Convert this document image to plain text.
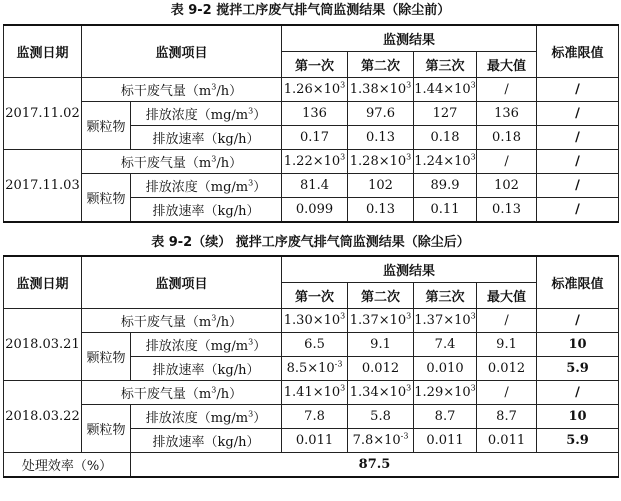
表 9-2 搅拌工序废气排气筒监测结果（除尘前）
监测日期	监测项目		监测结果				标准限值
			第一次	第二次	第三次	最大值	
2017.11.02	标干废气量$(m^3/h)$		$1.26\times 10^3$	$1.38\times 10^3$	$1.44\times 10^3$	/	/
	颗粒物	排放浓度$(mg/m^3)$	136	97.6	127	136	/
		排放速率（kg/h）	0.17	0.13	0.18	0.18	/
2017.11.03	标干废气量$(m^3/h)$		$1.22\times 10^3$	$1.28\times 10^3$	$1.24\times 10^3$	/	/
	颗粒物	排放浓度$(mg/m^3)$	81.4	102	89.9	102	/
		排放速率（kg/h）	0.099	0.13	0.11	0.13	/
表 9-2（续） 搅拌工序废气排气筒监测结果（除尘后）
监测日期	监测项目		监测结果				标准限值
			第一次	第二次	第三次	最大值	
2018.03.21	标干废气量$(m^3/h)$		$1.30\times 10^3$	$1.37\times 10^3$	$1.37\times 10^3$	/	/
	颗粒物	排放浓度$(mg/m^3)$	6.5	9.1	7.4	9.1	10
		排放速率（kg/h）	$8.5\times 10^{-3}$	0.012	0.010	0.012	5.9
2018.03.22	标干废气量$(m^3/h)$		$1.41\times 10^3$	$1.34\times 10^3$	$1.29\times 10^3$	/	/
	颗粒物	排放浓度$(mg/m^3)$	7.8	5.8	8.7	8.7	10
		排放速率（kg/h）	0.011	$7.8\times 10^{-3}$	0.011	0.011	5.9
处理效率（%）		87.5					
